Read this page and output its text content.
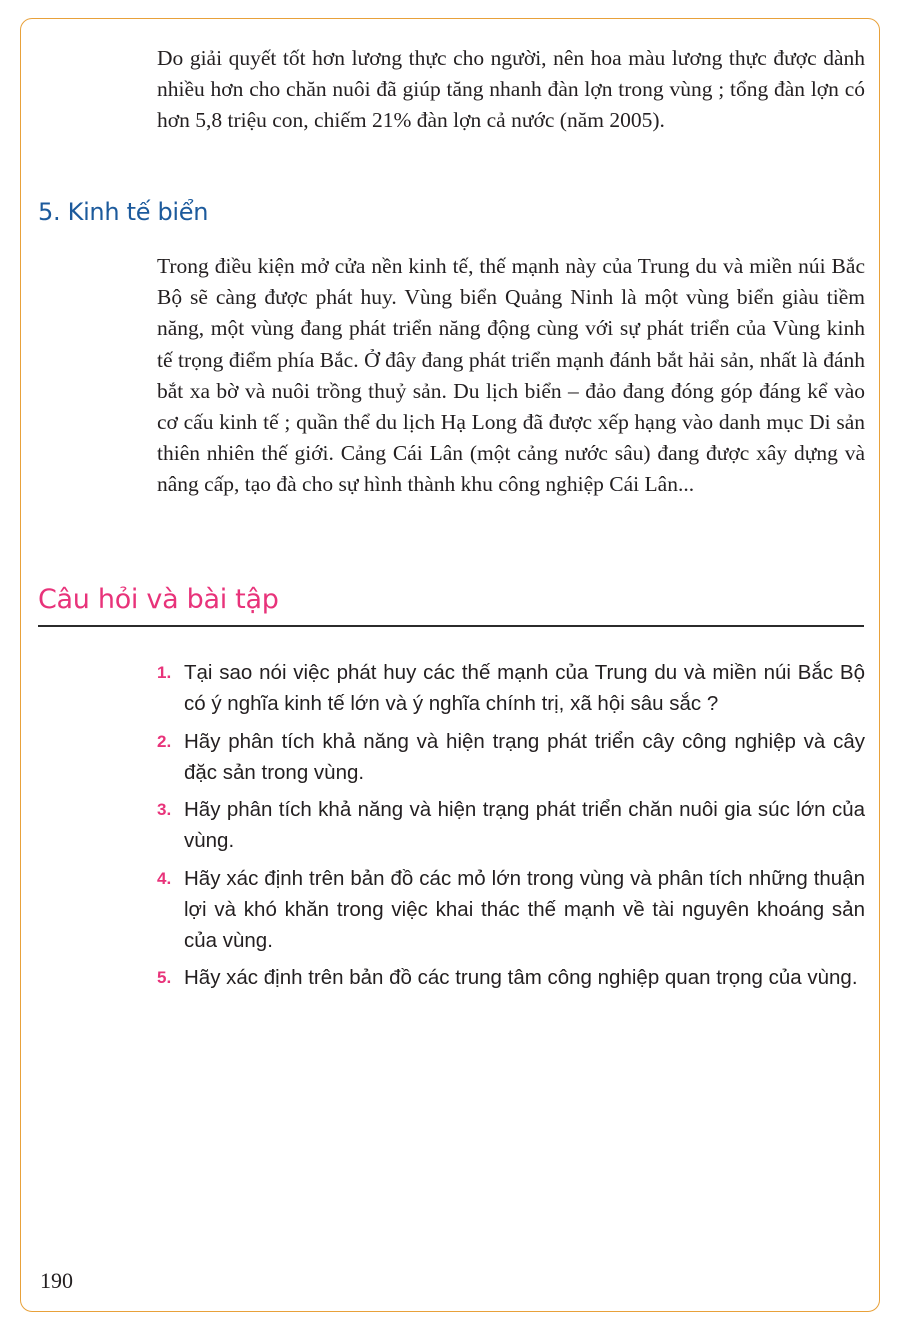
Do giải quyết tốt hơn lương thực cho người, nên hoa màu lương thực được dành nhiều hơn cho chăn nuôi đã giúp tăng nhanh đàn lợn trong vùng ; tổng đàn lợn có hơn 5,8 triệu con, chiếm 21% đàn lợn cả nước (năm 2005).

5. Kinh tế biển

Trong điều kiện mở cửa nền kinh tế, thế mạnh này của Trung du và miền núi Bắc Bộ sẽ càng được phát huy. Vùng biển Quảng Ninh là một vùng biển giàu tiềm năng, một vùng đang phát triển năng động cùng với sự phát triển của Vùng kinh tế trọng điểm phía Bắc. Ở đây đang phát triển mạnh đánh bắt hải sản, nhất là đánh bắt xa bờ và nuôi trồng thuỷ sản. Du lịch biển – đảo đang đóng góp đáng kể vào cơ cấu kinh tế ; quần thể du lịch Hạ Long đã được xếp hạng vào danh mục Di sản thiên nhiên thế giới. Cảng Cái Lân (một cảng nước sâu) đang được xây dựng và nâng cấp, tạo đà cho sự hình thành khu công nghiệp Cái Lân...

Câu hỏi và bài tập
1. Tại sao nói việc phát huy các thế mạnh của Trung du và miền núi Bắc Bộ có ý nghĩa kinh tế lớn và ý nghĩa chính trị, xã hội sâu sắc ?
2. Hãy phân tích khả năng và hiện trạng phát triển cây công nghiệp và cây đặc sản trong vùng.
3. Hãy phân tích khả năng và hiện trạng phát triển chăn nuôi gia súc lớn của vùng.
4. Hãy xác định trên bản đồ các mỏ lớn trong vùng và phân tích những thuận lợi và khó khăn trong việc khai thác thế mạnh về tài nguyên khoáng sản của vùng.
5. Hãy xác định trên bản đồ các trung tâm công nghiệp quan trọng của vùng.
190
